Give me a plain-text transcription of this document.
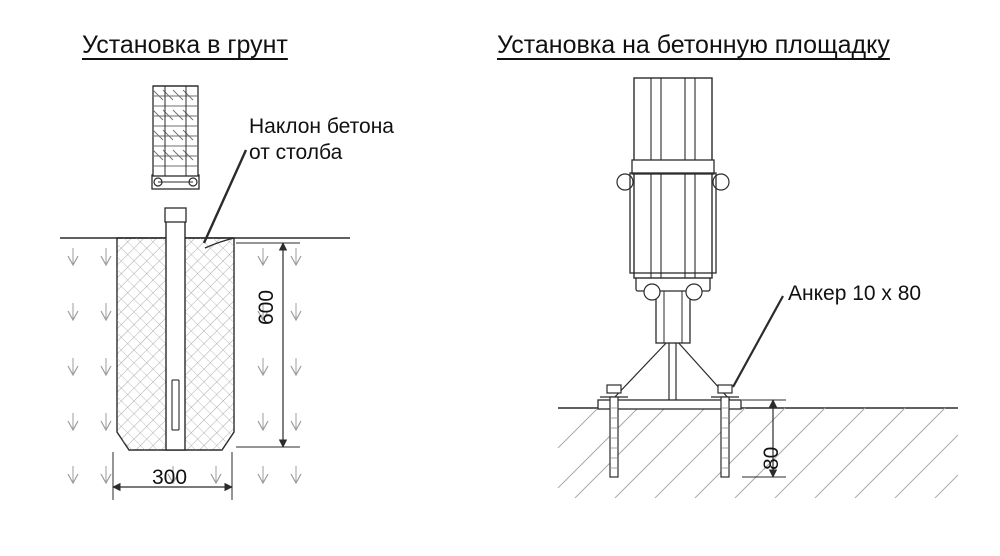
Установка в грунт	Установка на бетонную площадку
Наклон бетона
от столба
Анкер 10 x 80
600
300
80
